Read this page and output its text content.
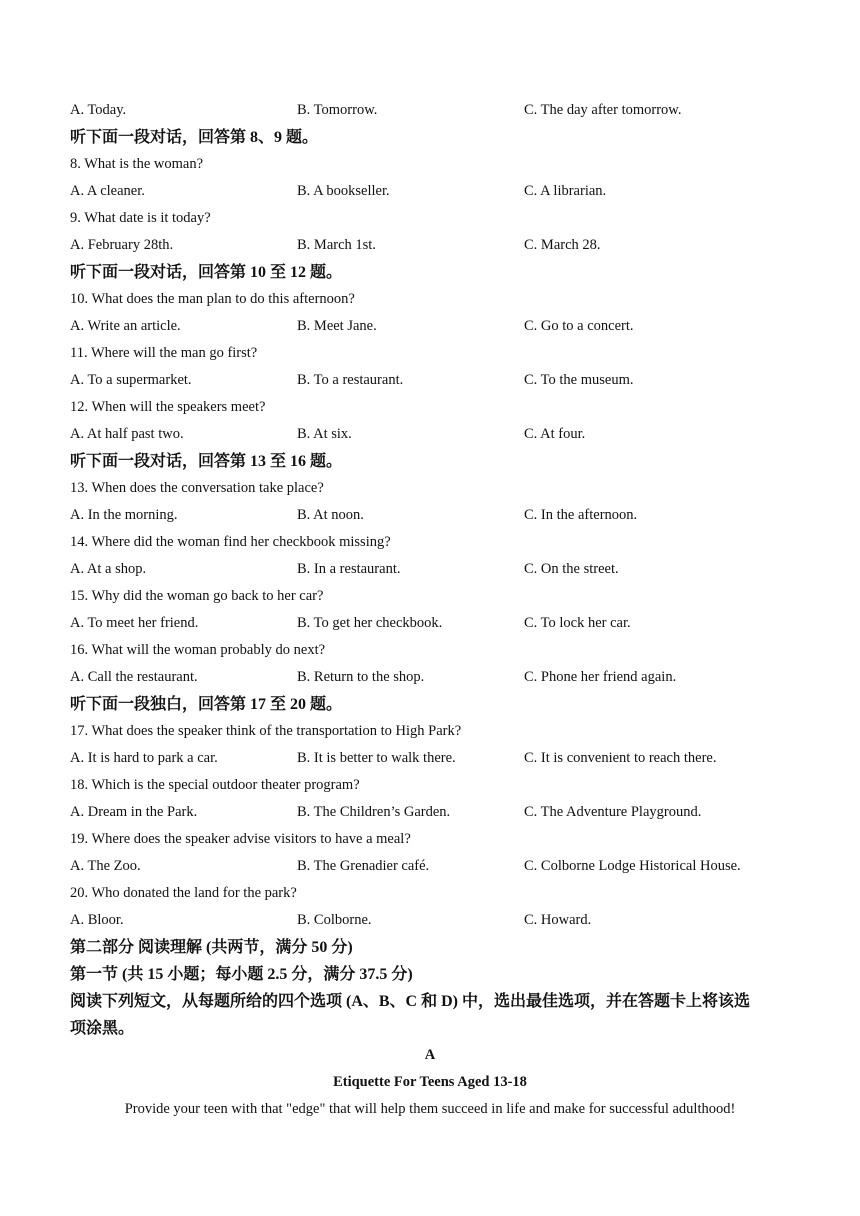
A. Today.	B. Tomorrow.	C. The day after tomorrow.
听下面一段对话，回答第 8、9 题。
8. What is the woman?
A. A cleaner.	B. A bookseller.	C. A librarian.
9. What date is it today?
A. February 28th.	B. March 1st.	C. March 28.
听下面一段对话，回答第 10 至 12 题。
10. What does the man plan to do this afternoon?
A. Write an article.	B. Meet Jane.	C. Go to a concert.
11. Where will the man go first?
A. To a supermarket.	B. To a restaurant.	C. To the museum.
12. When will the speakers meet?
A. At half past two.	B. At six.	C. At four.
听下面一段对话，回答第 13 至 16 题。
13. When does the conversation take place?
A. In the morning.	B. At noon.	C. In the afternoon.
14. Where did the woman find her checkbook missing?
A. At a shop.	B. In a restaurant.	C. On the street.
15. Why did the woman go back to her car?
A. To meet her friend.	B. To get her checkbook.	C. To lock her car.
16. What will the woman probably do next?
A. Call the restaurant.	B. Return to the shop.	C. Phone her friend again.
听下面一段独白，回答第 17 至 20 题。
17. What does the speaker think of the transportation to High Park?
A. It is hard to park a car.	B. It is better to walk there.	C. It is convenient to reach there.
18. Which is the special outdoor theater program?
A. Dream in the Park.	B. The Children’s Garden.	C. The Adventure Playground.
19. Where does the speaker advise visitors to have a meal?
A. The Zoo.	B. The Grenadier café.	C. Colborne Lodge Historical House.
20. Who donated the land for the park?
A. Bloor.	B. Colborne.	C. Howard.
第二部分 阅读理解 (共两节，满分 50 分)
第一节 (共 15 小题；每小题 2.5 分，满分 37.5 分)
阅读下列短文，从每题所给的四个选项 (A、B、C 和 D) 中，选出最佳选项，并在答题卡上将该选项涂黑。
A
Etiquette For Teens Aged 13-18
Provide your teen with that "edge" that will help them succeed in life and make for successful adulthood!
